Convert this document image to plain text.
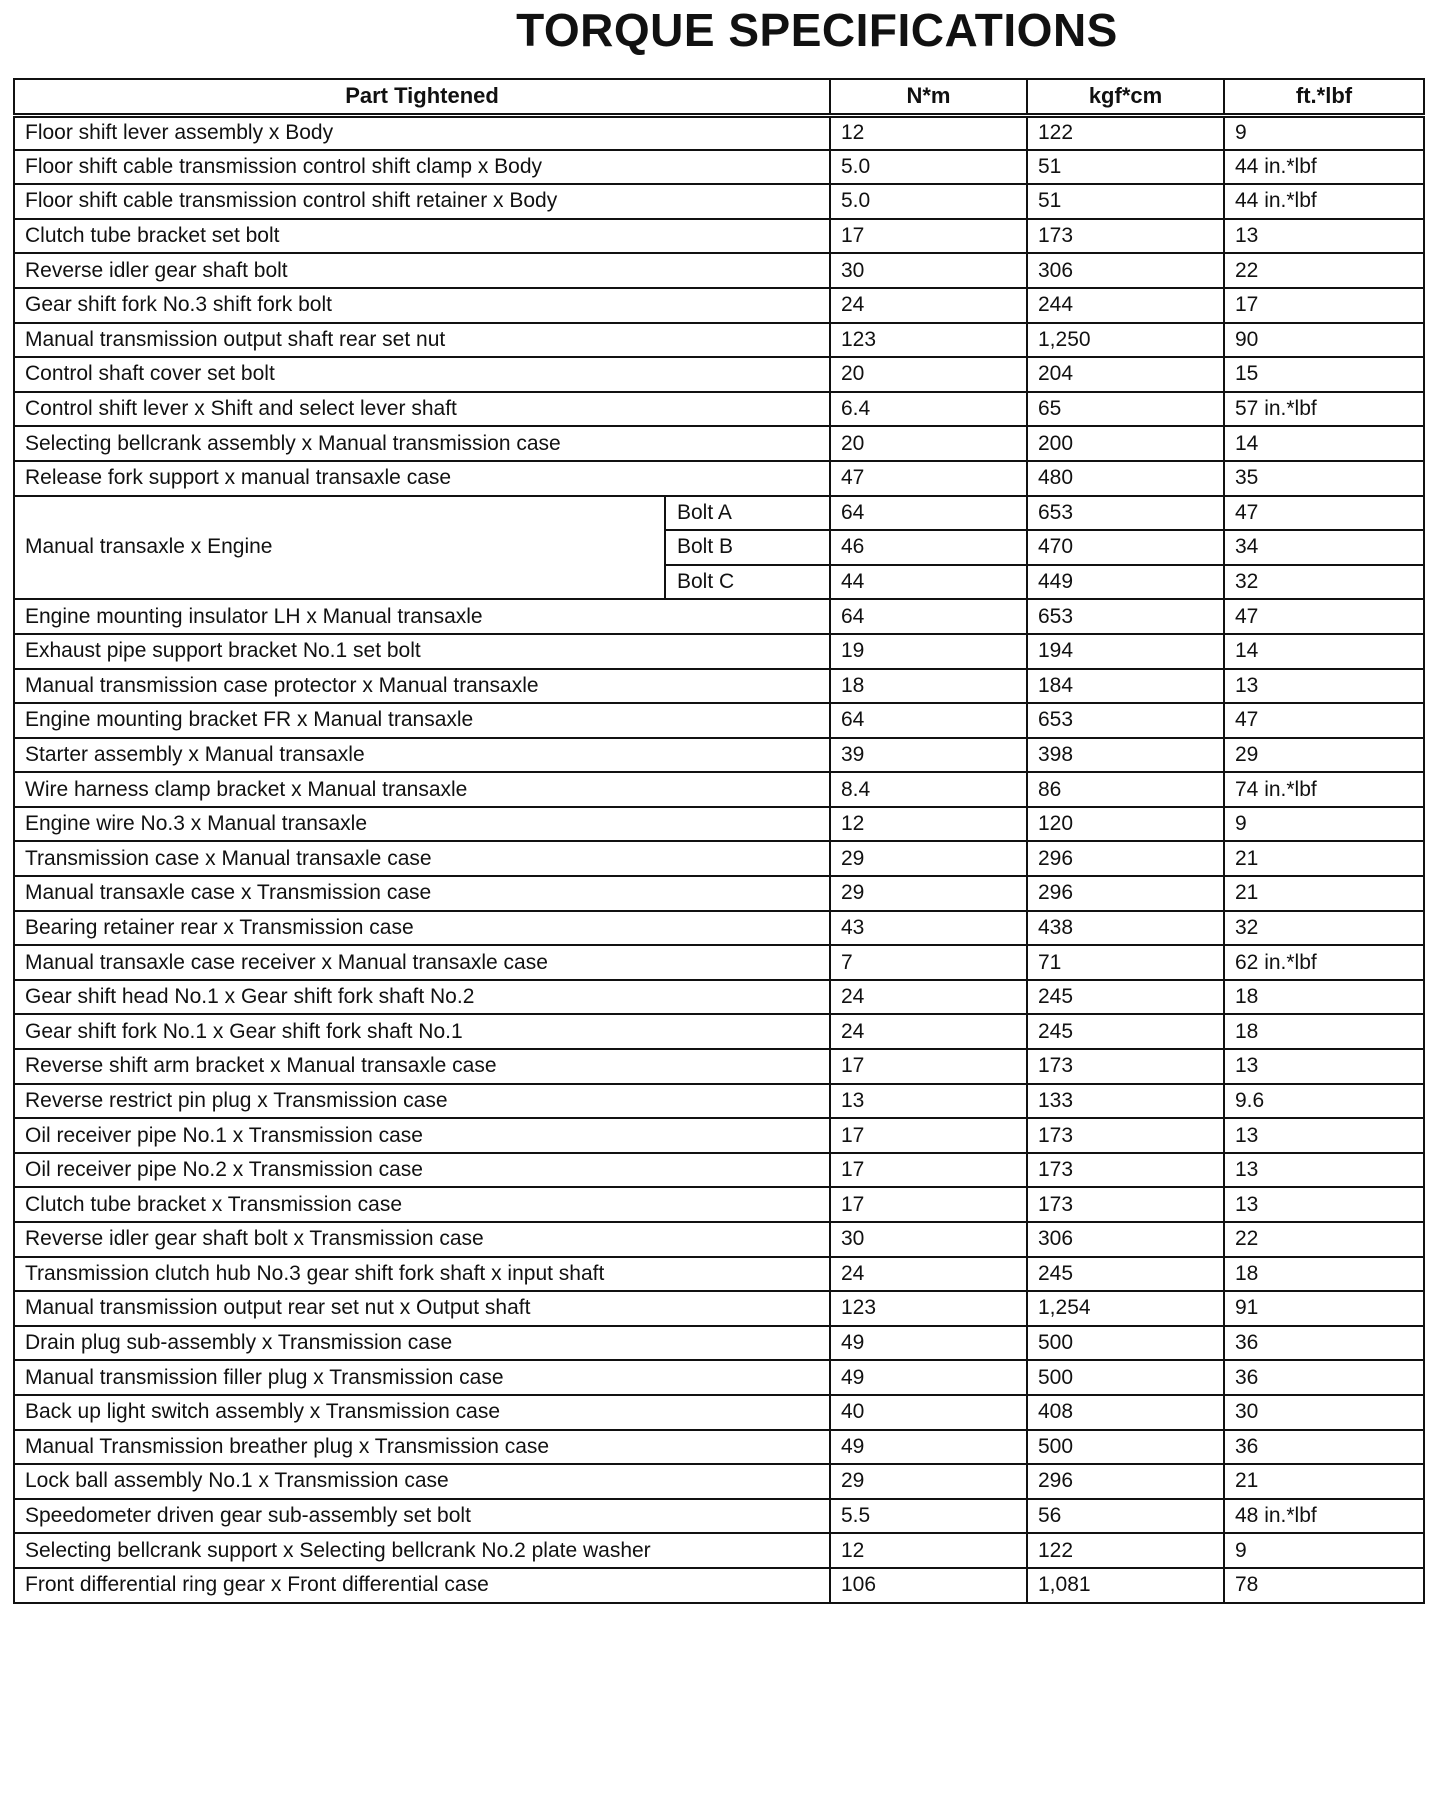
TORQUE SPECIFICATIONS
Part Tightened		N*m	kgf*cm	ft.*lbf
Floor shift lever assembly x Body		12	122	9
Floor shift cable transmission control shift clamp x Body		5.0	51	44 in.*lbf
Floor shift cable transmission control shift retainer x Body		5.0	51	44 in.*lbf
Clutch tube bracket set bolt		17	173	13
Reverse idler gear shaft bolt		30	306	22
Gear shift fork No.3 shift fork bolt		24	244	17
Manual transmission output shaft rear set nut		123	1,250	90
Control shaft cover set bolt		20	204	15
Control shift lever x Shift and select lever shaft		6.4	65	57 in.*lbf
Selecting bellcrank assembly x Manual transmission case		20	200	14
Release fork support x manual transaxle case		47	480	35
Manual transaxle x Engine	Bolt A	64	653	47
	Bolt B	46	470	34
	Bolt C	44	449	32
Engine mounting insulator LH x Manual transaxle		64	653	47
Exhaust pipe support bracket No.1 set bolt		19	194	14
Manual transmission case protector x Manual transaxle		18	184	13
Engine mounting bracket FR x Manual transaxle		64	653	47
Starter assembly x Manual transaxle		39	398	29
Wire harness clamp bracket x Manual transaxle		8.4	86	74 in.*lbf
Engine wire No.3 x Manual transaxle		12	120	9
Transmission case x Manual transaxle case		29	296	21
Manual transaxle case x Transmission case		29	296	21
Bearing retainer rear x Transmission case		43	438	32
Manual transaxle case receiver x Manual transaxle case		7	71	62 in.*lbf
Gear shift head No.1 x Gear shift fork shaft No.2		24	245	18
Gear shift fork No.1 x Gear shift fork shaft No.1		24	245	18
Reverse shift arm bracket x Manual transaxle case		17	173	13
Reverse restrict pin plug x Transmission case		13	133	9.6
Oil receiver pipe No.1 x Transmission case		17	173	13
Oil receiver pipe No.2 x Transmission case		17	173	13
Clutch tube bracket x Transmission case		17	173	13
Reverse idler gear shaft bolt x Transmission case		30	306	22
Transmission clutch hub No.3 gear shift fork shaft x input shaft		24	245	18
Manual transmission output rear set nut x Output shaft		123	1,254	91
Drain plug sub-assembly x Transmission case		49	500	36
Manual transmission filler plug x Transmission case		49	500	36
Back up light switch assembly x Transmission case		40	408	30
Manual Transmission breather plug x Transmission case		49	500	36
Lock ball assembly No.1 x Transmission case		29	296	21
Speedometer driven gear sub-assembly set bolt		5.5	56	48 in.*lbf
Selecting bellcrank support x Selecting bellcrank No.2 plate washer		12	122	9
Front differential ring gear x Front differential case		106	1,081	78
